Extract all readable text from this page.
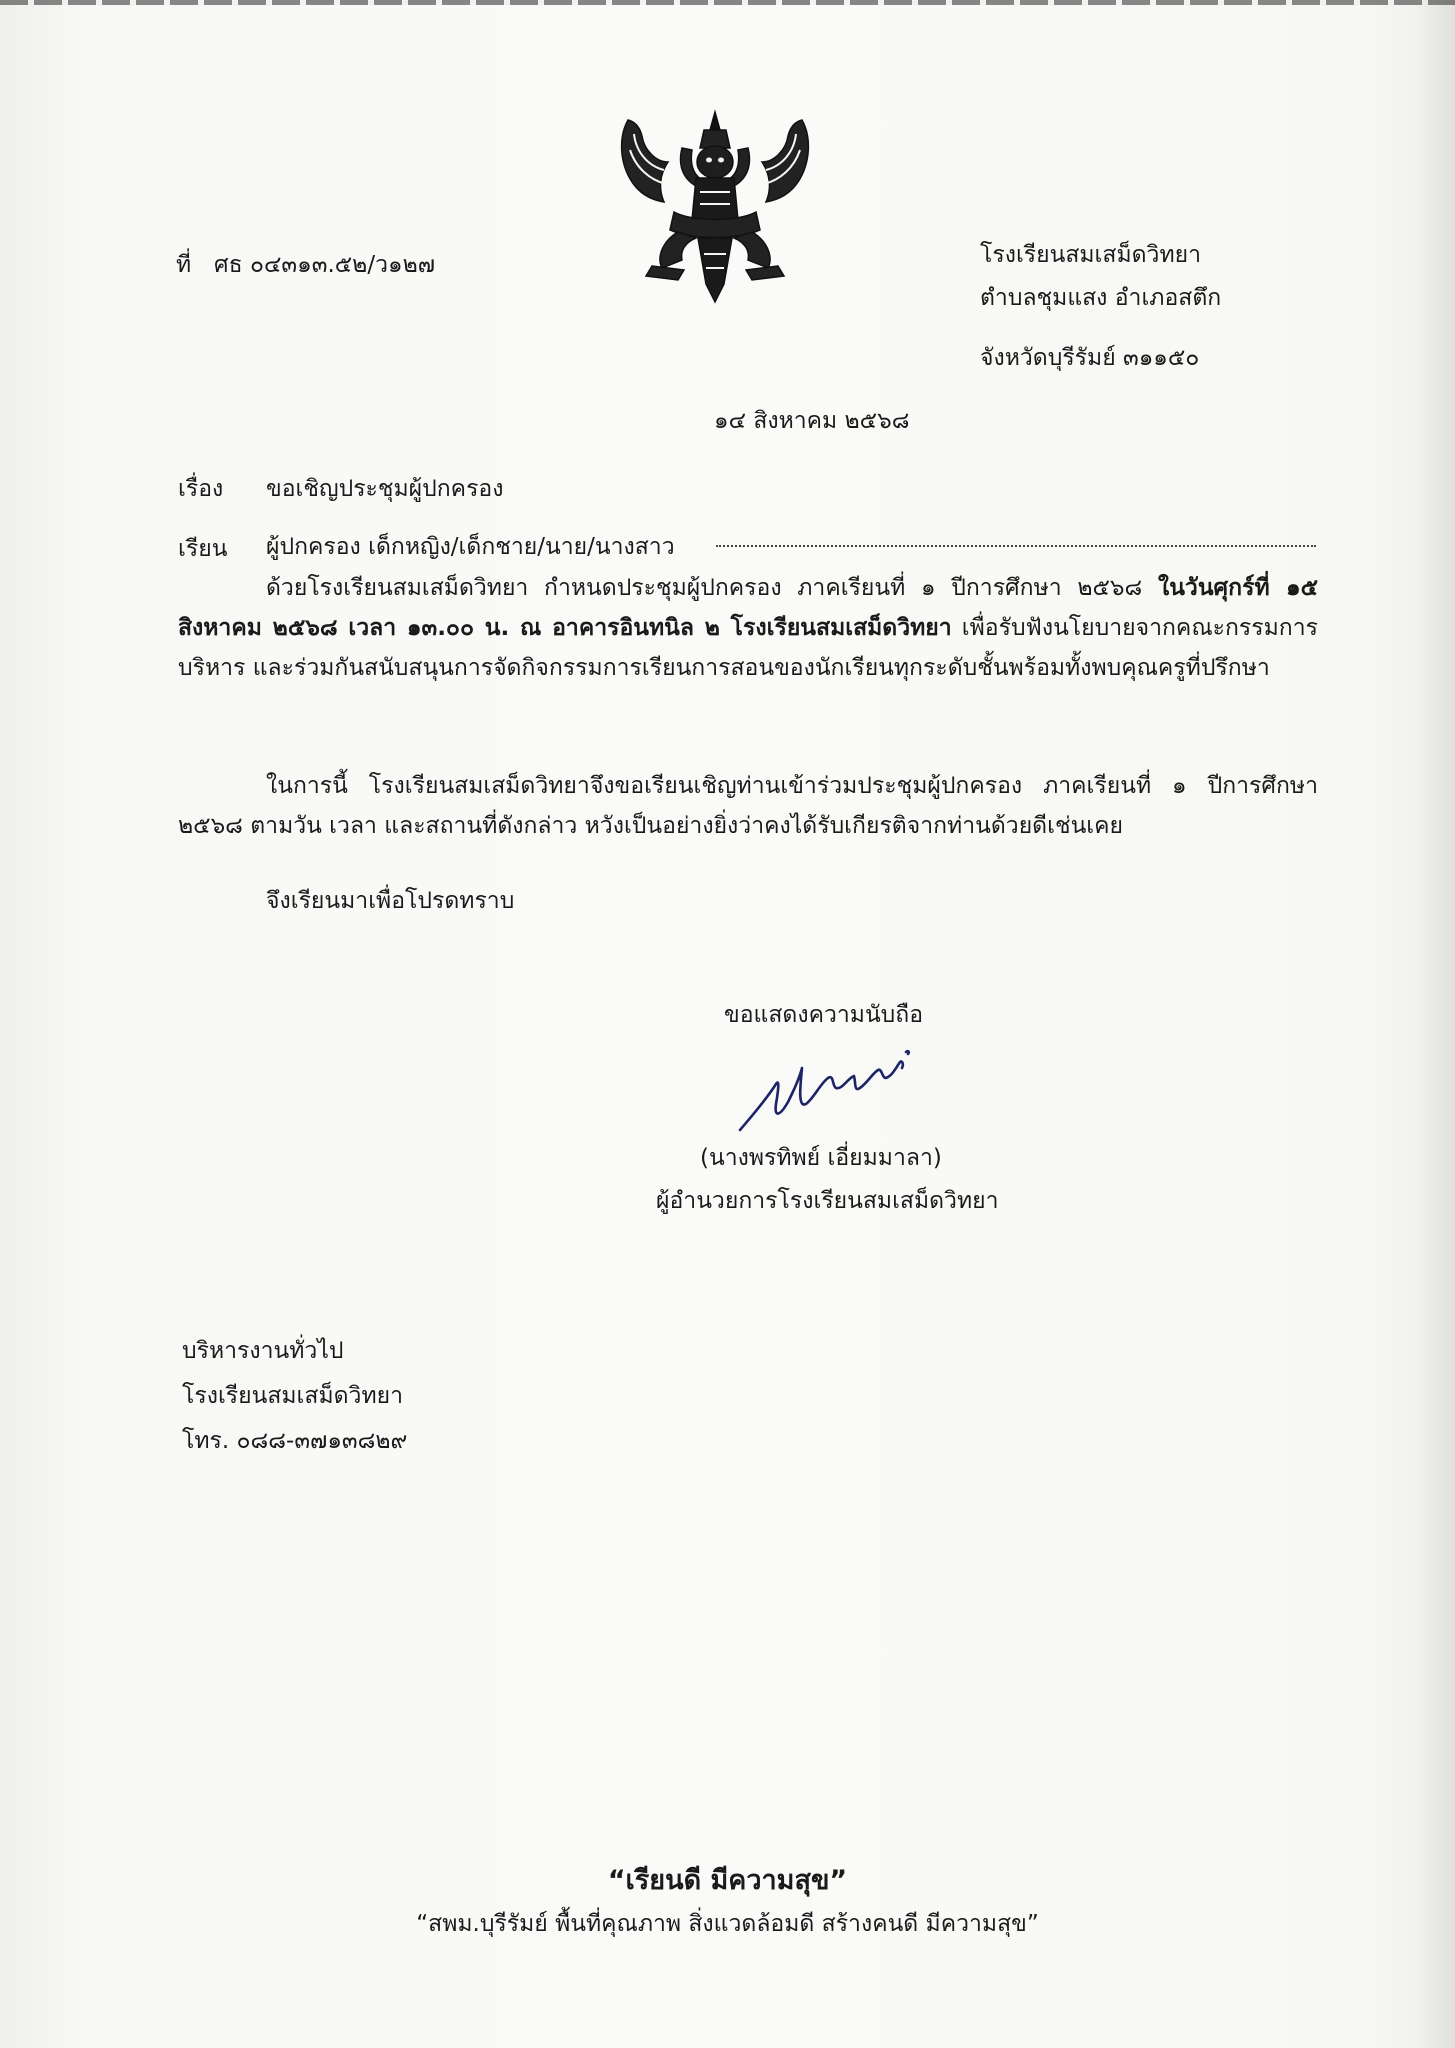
ที่ ศธ ๐๔๓๑๓.๕๒/ว๑๒๗	โรงเรียนสมเสม็ดวิทยา
ตำบลชุมแสง อำเภอสตึก
จังหวัดบุรีรัมย์ ๓๑๑๕๐
๑๔ สิงหาคม ๒๕๖๘
เรื่อง ขอเชิญประชุมผู้ปกครอง
เรียน ผู้ปกครอง เด็กหญิง/เด็กชาย/นาย/นางสาว
ด้วยโรงเรียนสมเสม็ดวิทยา กำหนดประชุมผู้ปกครอง ภาคเรียนที่ ๑ ปีการศึกษา ๒๕๖๘ ในวันศุกร์ที่ ๑๕ สิงหาคม ๒๕๖๘ เวลา ๑๓.๐๐ น. ณ อาคารอินทนิล ๒ โรงเรียนสมเสม็ดวิทยา เพื่อรับฟังนโยบายจากคณะกรรมการบริหาร และร่วมกันสนับสนุนการจัดกิจกรรมการเรียนการสอนของนักเรียนทุกระดับชั้นพร้อมทั้งพบคุณครูที่ปรึกษา
ในการนี้ โรงเรียนสมเสม็ดวิทยาจึงขอเรียนเชิญท่านเข้าร่วมประชุมผู้ปกครอง ภาคเรียนที่ ๑ ปีการศึกษา ๒๕๖๘ ตามวัน เวลา และสถานที่ดังกล่าว หวังเป็นอย่างยิ่งว่าคงได้รับเกียรติจากท่านด้วยดีเช่นเคย
จึงเรียนมาเพื่อโปรดทราบ
ขอแสดงความนับถือ
(นางพรทิพย์ เอี่ยมมาลา)
ผู้อำนวยการโรงเรียนสมเสม็ดวิทยา
บริหารงานทั่วไป
โรงเรียนสมเสม็ดวิทยา
โทร. ๐๘๘-๓๗๑๓๘๒๙
“เรียนดี มีความสุข”
“สพม.บุรีรัมย์ พื้นที่คุณภาพ สิ่งแวดล้อมดี สร้างคนดี มีความสุข”
